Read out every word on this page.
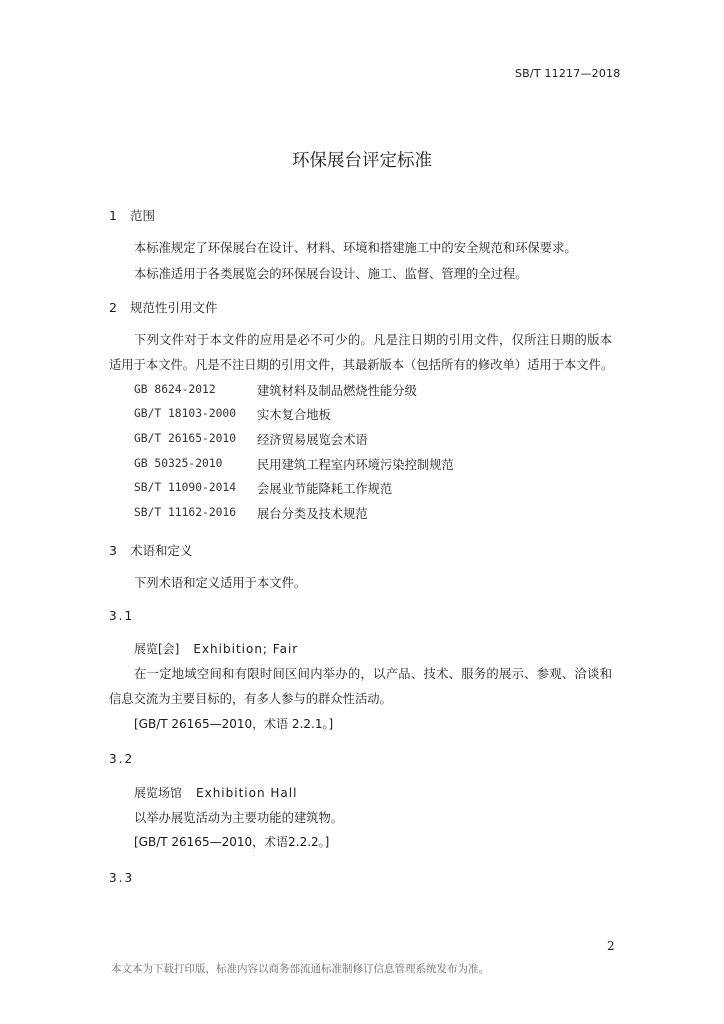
SB/T 11217—2018
环保展台评定标准
1 范围
本标准规定了环保展台在设计、材料、环境和搭建施工中的安全规范和环保要求。
本标准适用于各类展览会的环保展台设计、施工、监督、管理的全过程。
2 规范性引用文件
下列文件对于本文件的应用是必不可少的。凡是注日期的引用文件，仅所注日期的版本
适用于本文件。凡是不注日期的引用文件，其最新版本（包括所有的修改单）适用于本文件。
GB 8624-2012	建筑材料及制品燃烧性能分级
GB/T 18103-2000 实木复合地板
GB/T 26165-2010 经济贸易展览会术语
GB 50325-2010	民用建筑工程室内环境污染控制规范
SB/T 11090-2014 会展业节能降耗工作规范
SB/T 11162-2016 展台分类及技术规范
3 术语和定义
下列术语和定义适用于本文件。
3.1
展览[会] Exhibition; Fair
在一定地域空间和有限时间区间内举办的，以产品、技术、服务的展示、参观、洽谈和
信息交流为主要目标的，有多人参与的群众性活动。
[GB/T 26165—2010，术语 2.2.1。]
3.2
展览场馆 Exhibition Hall
以举办展览活动为主要功能的建筑物。
[GB/T 26165—2010，术语2.2.2。]
3.3
2
本文本为下载打印版，标准内容以商务部流通标准制修订信息管理系统发布为准。
